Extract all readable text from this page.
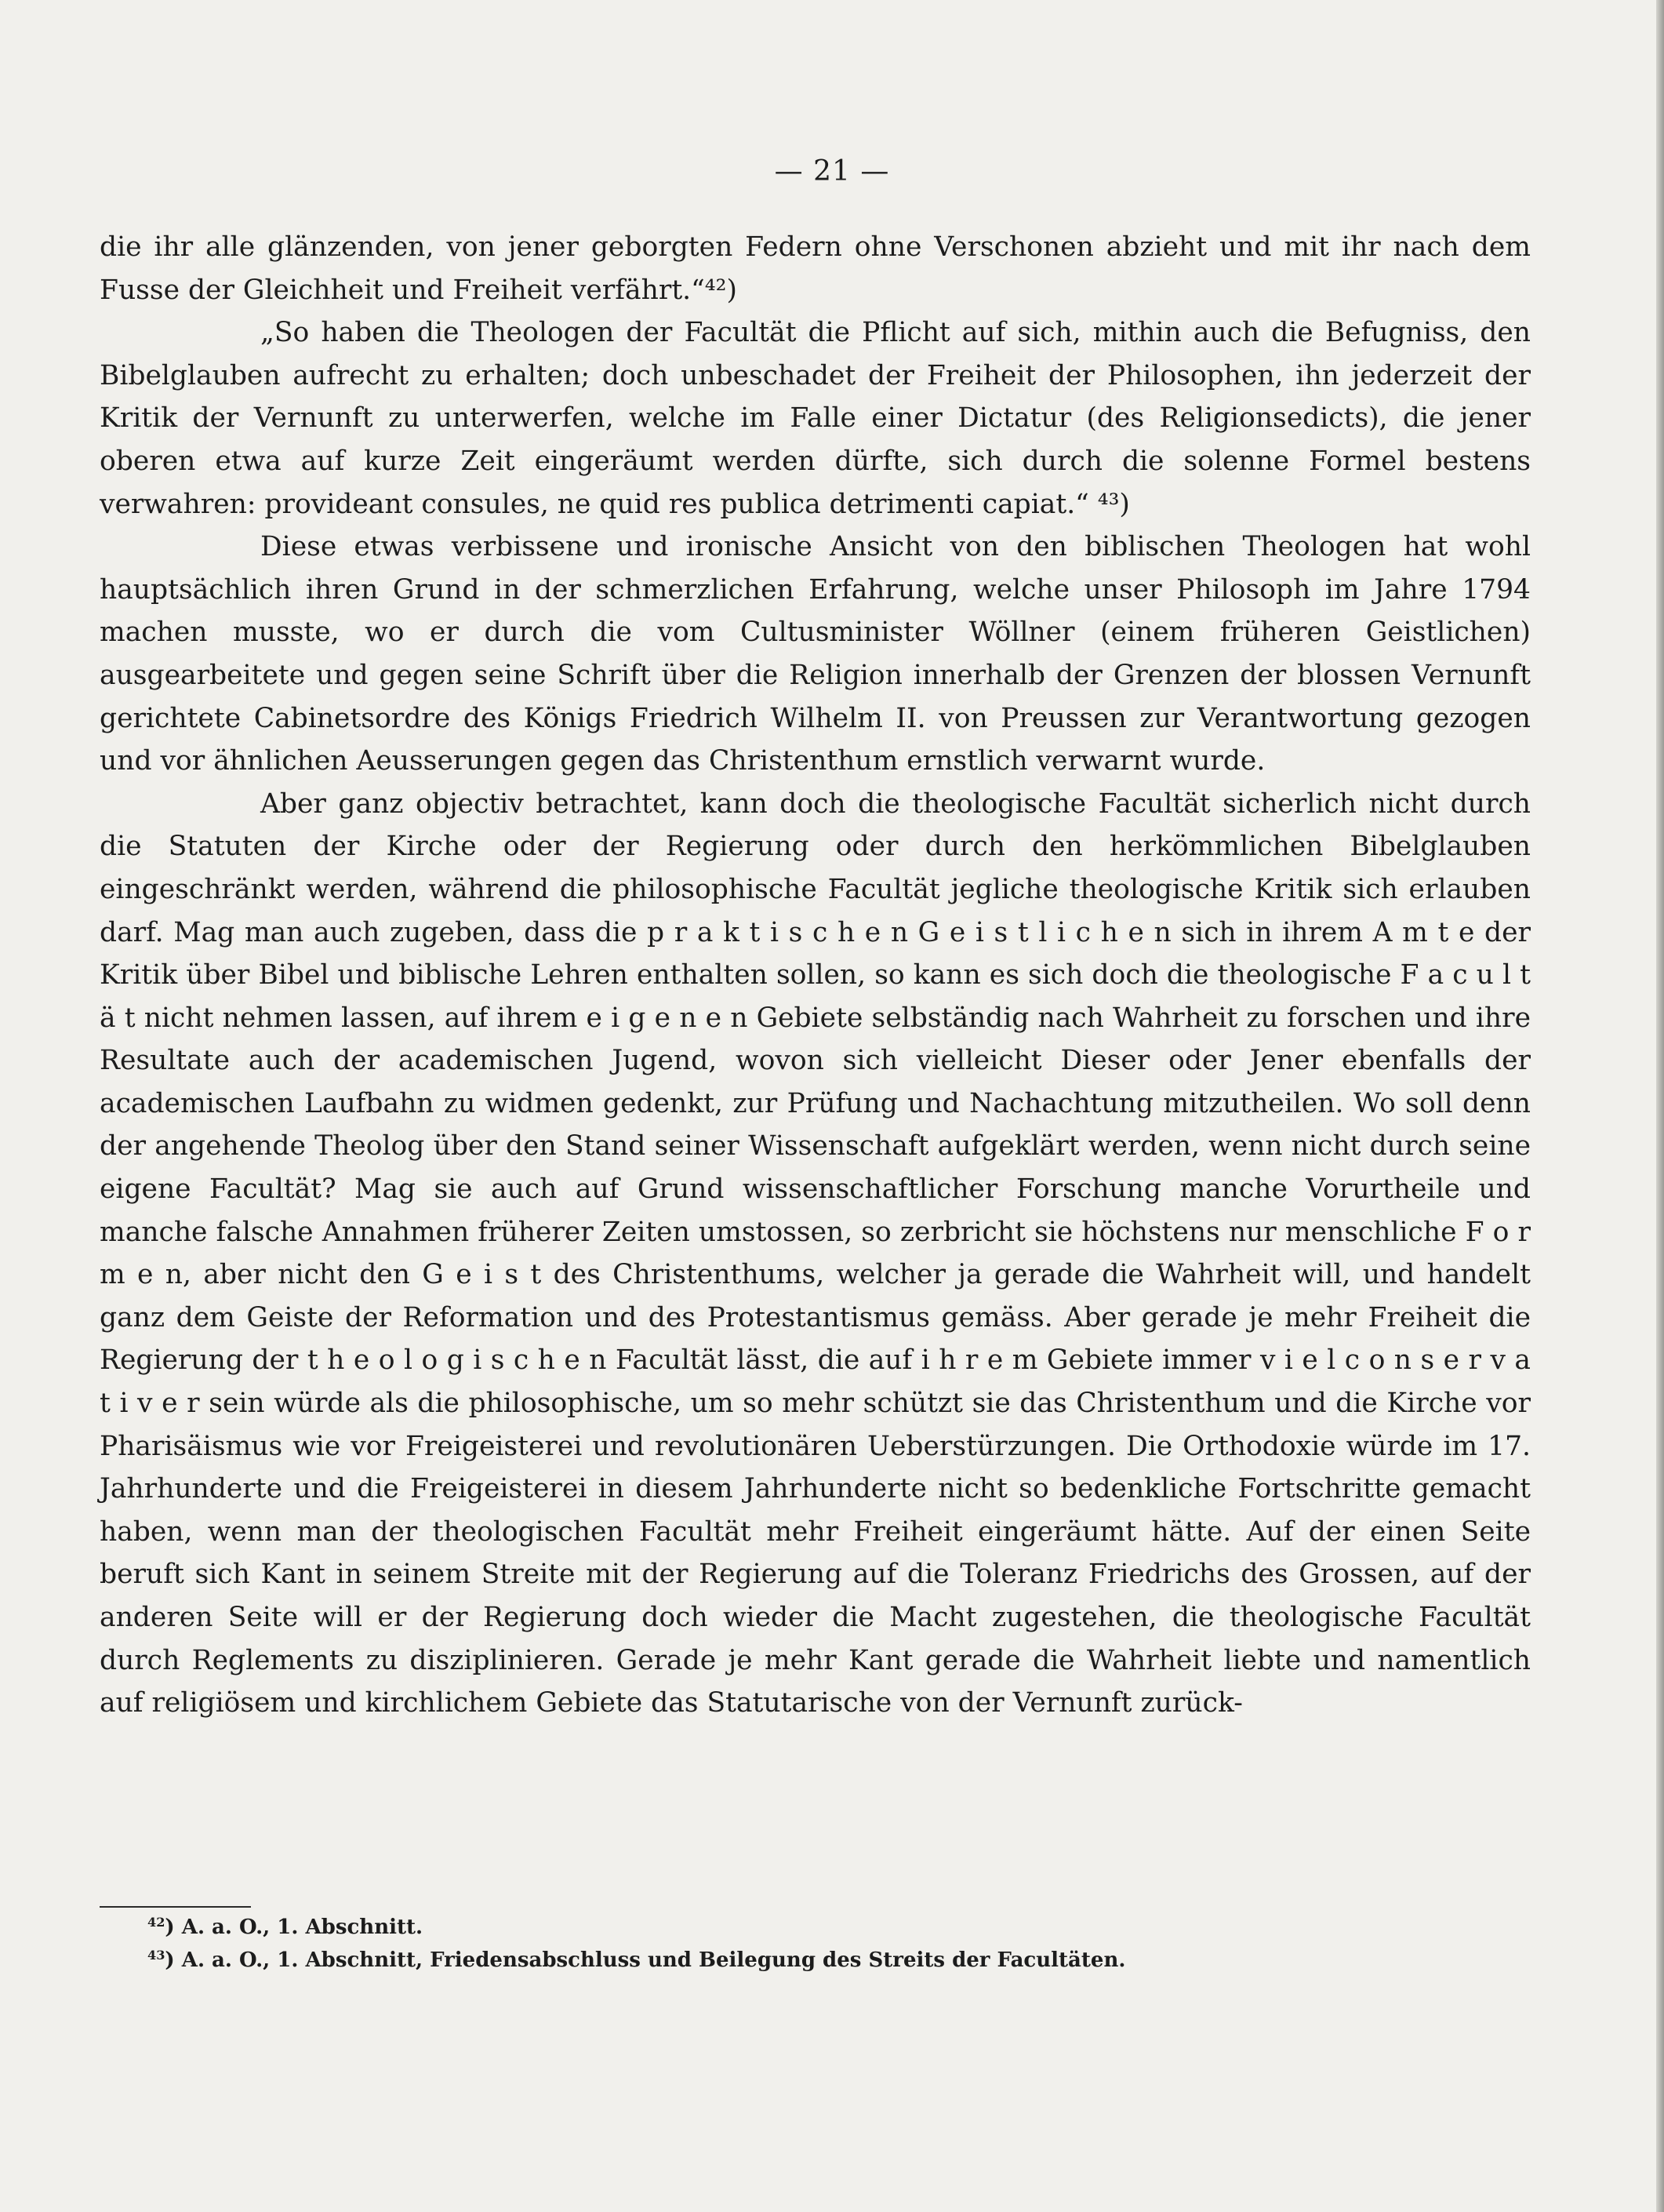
— 21 —

die ihr alle glänzenden, von jener geborgten Federn ohne Verschonen abzieht und mit ihr nach dem Fusse der Gleichheit und Freiheit verfährt.“⁴²)

„So haben die Theologen der Facultät die Pflicht auf sich, mithin auch die Befugniss, den Bibelglauben aufrecht zu erhalten; doch unbeschadet der Freiheit der Philosophen, ihn jederzeit der Kritik der Vernunft zu unterwerfen, welche im Falle einer Dictatur (des Religionsedicts), die jener oberen etwa auf kurze Zeit eingeräumt werden dürfte, sich durch die solenne Formel bestens verwahren: provideant consules, ne quid res publica detrimenti capiat.“ ⁴³)

Diese etwas verbissene und ironische Ansicht von den biblischen Theologen hat wohl hauptsächlich ihren Grund in der schmerzlichen Erfahrung, welche unser Philosoph im Jahre 1794 machen musste, wo er durch die vom Cultusminister Wöllner (einem früheren Geistlichen) ausgearbeitete und gegen seine Schrift über die Religion innerhalb der Grenzen der blossen Vernunft gerichtete Cabinetsordre des Königs Friedrich Wilhelm II. von Preussen zur Verantwortung gezogen und vor ähnlichen Aeusserungen gegen das Christenthum ernstlich verwarnt wurde.

Aber ganz objectiv betrachtet, kann doch die theologische Facultät sicherlich nicht durch die Statuten der Kirche oder der Regierung oder durch den herkömmlichen Bibelglauben eingeschränkt werden, während die philosophische Facultät jegliche theologische Kritik sich erlauben darf. Mag man auch zugeben, dass die p r a k t i s c h e n G e i s t l i c h e n sich in ihrem A m t e der Kritik über Bibel und biblische Lehren enthalten sollen, so kann es sich doch die theologische F a c u l t ä t nicht nehmen lassen, auf ihrem e i g e n e n Gebiete selbständig nach Wahrheit zu forschen und ihre Resultate auch der academischen Jugend, wovon sich vielleicht Dieser oder Jener ebenfalls der academischen Laufbahn zu widmen gedenkt, zur Prüfung und Nachachtung mitzutheilen. Wo soll denn der angehende Theolog über den Stand seiner Wissenschaft aufgeklärt werden, wenn nicht durch seine eigene Facultät? Mag sie auch auf Grund wissenschaftlicher Forschung manche Vorurtheile und manche falsche Annahmen früherer Zeiten umstossen, so zerbricht sie höchstens nur menschliche F o r m e n, aber nicht den G e i s t des Christenthums, welcher ja gerade die Wahrheit will, und handelt ganz dem Geiste der Reformation und des Protestantismus gemäss. Aber gerade je mehr Freiheit die Regierung der t h e o l o g i s c h e n Facultät lässt, die auf i h r e m Gebiete immer v i e l c o n s e r v a t i v e r sein würde als die philosophische, um so mehr schützt sie das Christenthum und die Kirche vor Pharisäismus wie vor Freigeisterei und revolutionären Ueberstürzungen. Die Orthodoxie würde im 17. Jahrhunderte und die Freigeisterei in diesem Jahrhunderte nicht so bedenkliche Fortschritte gemacht haben, wenn man der theologischen Facultät mehr Freiheit eingeräumt hätte. Auf der einen Seite beruft sich Kant in seinem Streite mit der Regierung auf die Toleranz Friedrichs des Grossen, auf der anderen Seite will er der Regierung doch wieder die Macht zugestehen, die theologische Facultät durch Reglements zu disziplinieren. Gerade je mehr Kant gerade die Wahrheit liebte und namentlich auf religiösem und kirchlichem Gebiete das Statutarische von der Vernunft zurück-

$^{42}$) A. a. O., 1. Abschnitt.
$^{43}$) A. a. O., 1. Abschnitt, Friedensabschluss und Beilegung des Streits der Facultäten.
